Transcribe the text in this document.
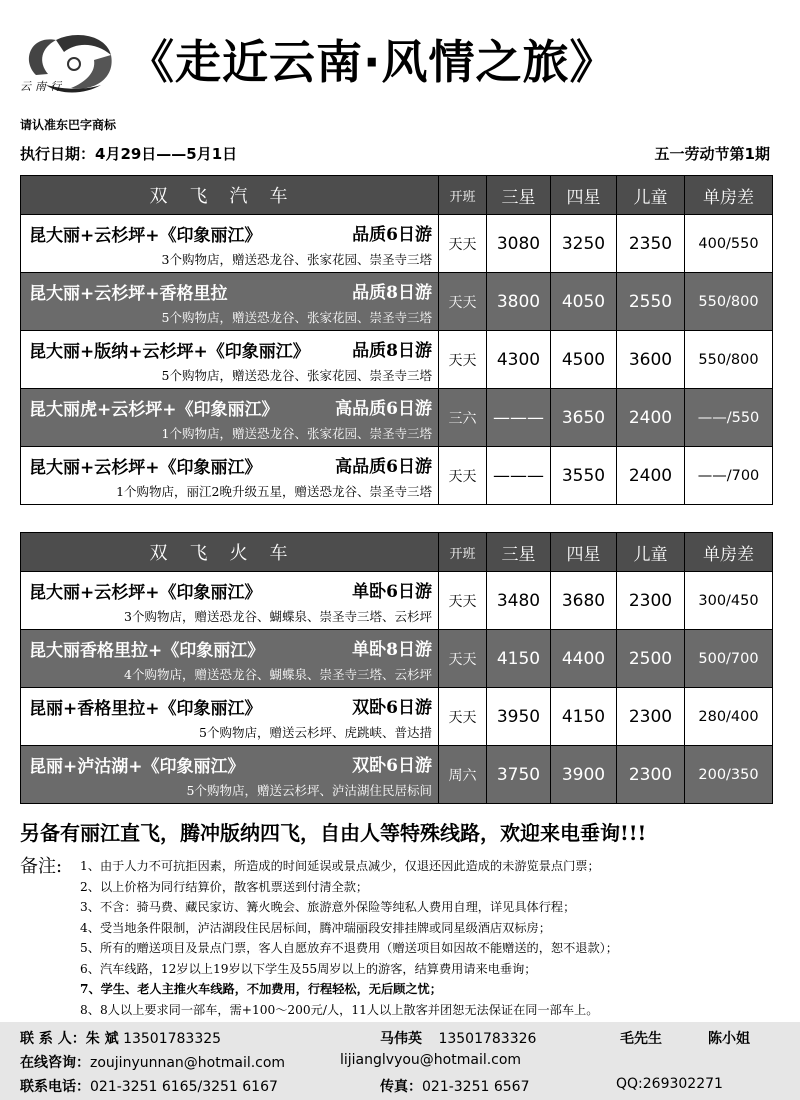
云南行 《走近云南·风情之旅》
请认准东巴字商标
执行日期：4月29日——5月1日	五一劳动节第1期
双飞汽车	开班	三星	四星	儿童	单房差

昆大丽+云杉坪+《印象丽江》 品质6日游
3个购物店，赠送恐龙谷、张家花园、崇圣寺三塔	天天	3080	3250	2350	400/550

昆大丽+云杉坪+香格里拉 品质8日游
5个购物店，赠送恐龙谷、张家花园、崇圣寺三塔	天天	3800	4050	2550	550/800

昆大丽+版纳+云杉坪+《印象丽江》 品质8日游
5个购物店，赠送恐龙谷、张家花园、崇圣寺三塔	天天	4300	4500	3600	550/800

昆大丽虎+云杉坪+《印象丽江》 高品质6日游
1个购物店，赠送恐龙谷、张家花园、崇圣寺三塔	三六	———	3650	2400	——/550

昆大丽+云杉坪+《印象丽江》 高品质6日游
1个购物店，丽江2晚升级五星，赠送恐龙谷、崇圣寺三塔	天天	———	3550	2400	——/700
双飞火车	开班	三星	四星	儿童	单房差

昆大丽+云杉坪+《印象丽江》 单卧6日游
3个购物店，赠送恐龙谷、蝴蝶泉、崇圣寺三塔、云杉坪	天天	3480	3680	2300	300/450

昆大丽香格里拉+《印象丽江》 单卧8日游
4个购物店，赠送恐龙谷、蝴蝶泉、崇圣寺三塔、云杉坪	天天	4150	4400	2500	500/700

昆丽+香格里拉+《印象丽江》 双卧6日游
5个购物店，赠送云杉坪、虎跳峡、普达措	天天	3950	4150	2300	280/400

昆丽+泸沽湖+《印象丽江》 双卧6日游
5个购物店，赠送云杉坪、泸沽湖住民居标间	周六	3750	3900	2300	200/350
另备有丽江直飞，腾冲版纳四飞，自由人等特殊线路，欢迎来电垂询!!!
备注: 1、由于人力不可抗拒因素，所造成的时间延误或景点减少，仅退还因此造成的未游览景点门票；
2、以上价格为同行结算价，散客机票送到付清全款；
3、不含：骑马费、藏民家访、篝火晚会、旅游意外保险等纯私人费用自理，详见具体行程；
4、受当地条件限制，泸沽湖段住民居标间，腾冲瑞丽段安排挂牌或同星级酒店双标房；
5、所有的赠送项目及景点门票，客人自愿放弃不退费用（赠送项目如因故不能赠送的，恕不退款）；
6、汽车线路，12岁以上19岁以下学生及55周岁以上的游客，结算费用请来电垂询；
7、学生、老人主推火车线路，不加费用，行程轻松，无后顾之忧；
8、8人以上要求同一部车，需+100～200元/人，11人以上散客并团恕无法保证在同一部车上。
联 系 人：朱 斌 13501783325	马伟英 13501783326	毛先生	陈小姐
在线咨询：zoujinyunnan@hotmail.com	lijianglvyou@hotmail.com
联系电话：021-3251 6165/3251 6167	传真：021-3251 6567	QQ:269302271
